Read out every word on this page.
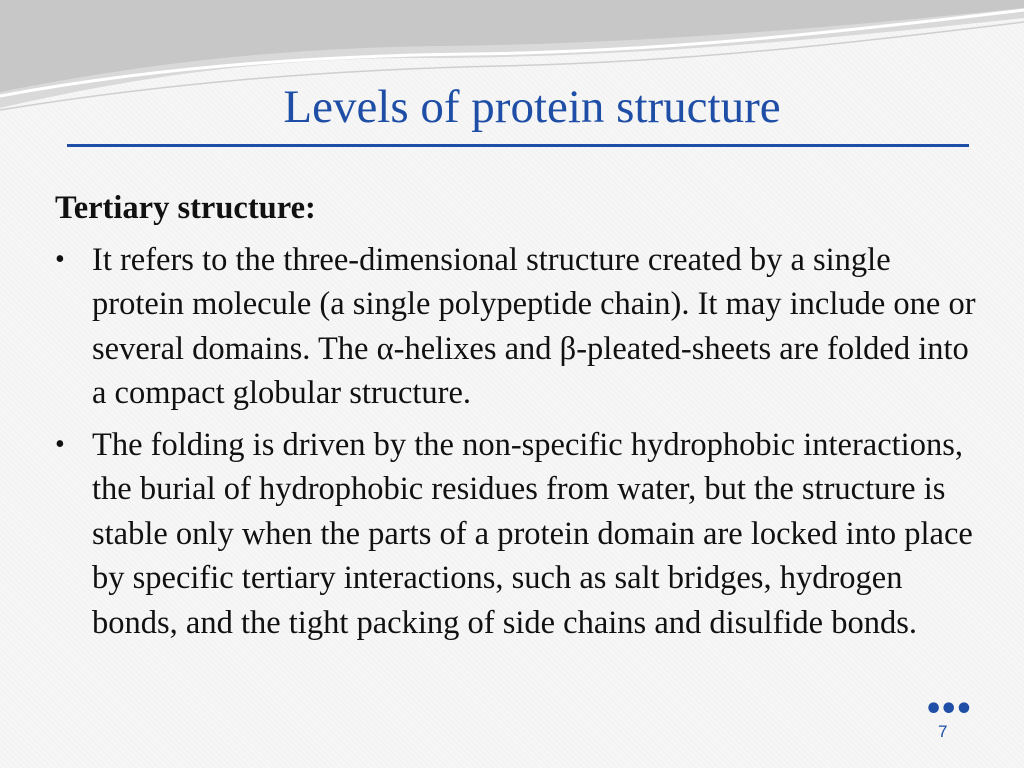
Levels of protein structure
Tertiary structure:
• It refers to the three-dimensional structure created by a single protein molecule (a single polypeptide chain). It may include one or several domains. The α-helixes and β-pleated-sheets are folded into a compact globular structure.
• The folding is driven by the non-specific hydrophobic interactions, the burial of hydrophobic residues from water, but the structure is stable only when the parts of a protein domain are locked into place by specific tertiary interactions, such as salt bridges, hydrogen bonds, and the tight packing of side chains and disulfide bonds.
•••
7
